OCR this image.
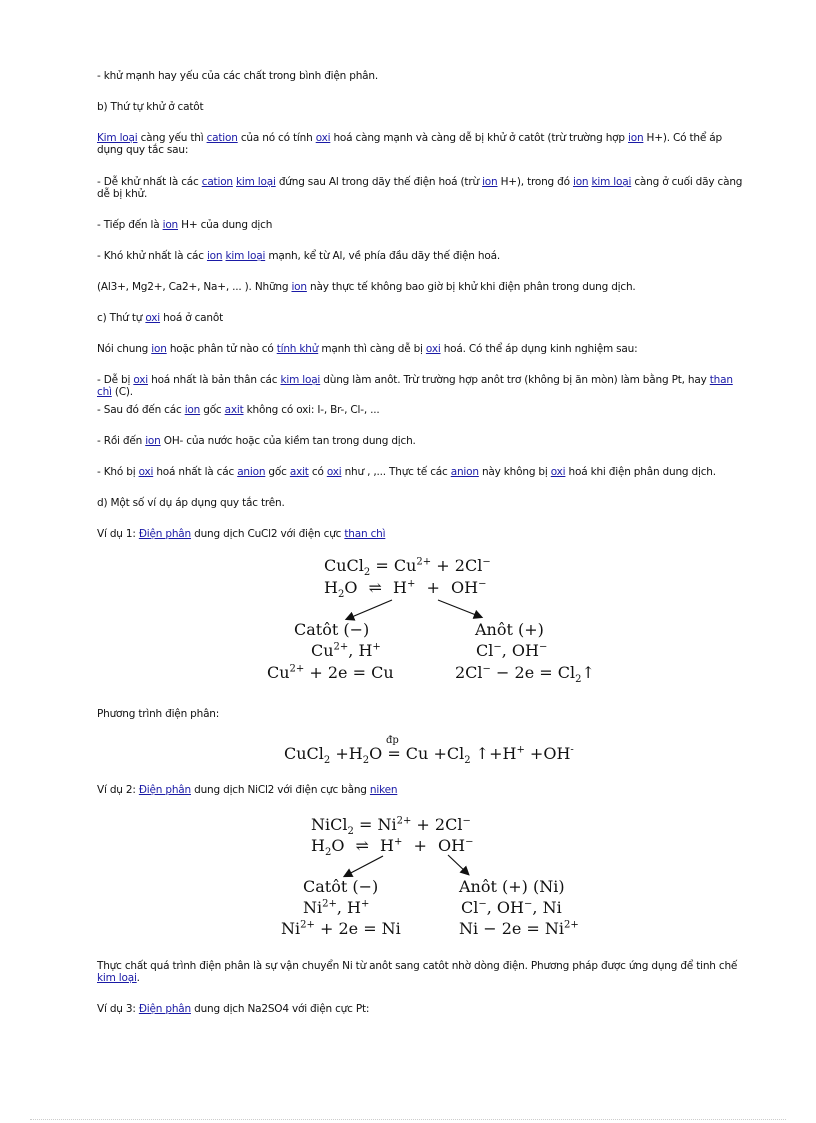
- khử mạnh hay yếu của các chất trong bình điện phân.
b) Thứ tự khử ở catôt
Kim loại càng yếu thì cation của nó có tính oxi hoá càng mạnh và càng dễ bị khử ở catôt (trừ trường hợp ion H+). Có thể áp dụng quy tắc sau:
- Dễ khử nhất là các cation kim loại đứng sau Al trong dãy thế điện hoá (trừ ion H+), trong đó ion kim loại càng ở cuối dãy càng dễ bị khử.
- Tiếp đến là ion H+ của dung dịch
- Khó khử nhất là các ion kim loại mạnh, kể từ Al, về phía đầu dãy thế điện hoá.
(Al3+, Mg2+, Ca2+, Na+, ... ). Những ion này thực tế không bao giờ bị khử khi điện phân trong dung dịch.
c) Thứ tự oxi hoá ở canôt
Nói chung ion hoặc phân tử nào có tính khử mạnh thì càng dễ bị oxi hoá. Có thể áp dụng kinh nghiệm sau:
- Dễ bị oxi hoá nhất là bản thân các kim loại dùng làm anôt. Trừ trường hợp anôt trơ (không bị ăn mòn) làm bằng Pt, hay than chì (C).
- Sau đó đến các ion gốc axit không có oxi: I-, Br-, Cl-, ...
- Rồi đến ion OH- của nước hoặc của kiềm tan trong dung dịch.
- Khó bị oxi hoá nhất là các anion gốc axit có oxi như , ,... Thực tế các anion này không bị oxi hoá khi điện phân dung dịch.
d) Một số ví dụ áp dụng quy tắc trên.
Ví dụ 1: Điện phân dung dịch CuCl2 với điện cực than chì
CuCl$_2$ = $Cu^{2+} + 2Cl^-$
$H_2O$ ⇌ H+ + OH−
Catôt (−)
$Cu^{2+}$, H+
$Cu^{2+} + 2e = Cu$
Anôt (+)
Cl−, OH−
$2Cl^- - 2e = Cl_2↑$
Phương trình điện phân:
đp
CuCl$_2$ $+H_2O = Cu +Cl_2$ ↑+H+ +OH-
Ví dụ 2: Điện phân dung dịch NiCl2 với điện cực bằng niken
NiCl$_2$ = $Ni^{2+} + 2Cl^-$
$H_2O$ ⇌ H+ + OH−
Catôt (−)
$Ni^{2+}$, H+
$Ni^{2+} + 2e = Ni$
Anôt (+) (Ni)
Cl−, OH−, Ni
$Ni - 2e = Ni^{2+}$
Thực chất quá trình điện phân là sự vận chuyển Ni từ anôt sang catôt nhờ dòng điện. Phương pháp được ứng dụng để tinh chế kim loại.
Ví dụ 3: Điện phân dung dịch Na2SO4 với điện cực Pt:
